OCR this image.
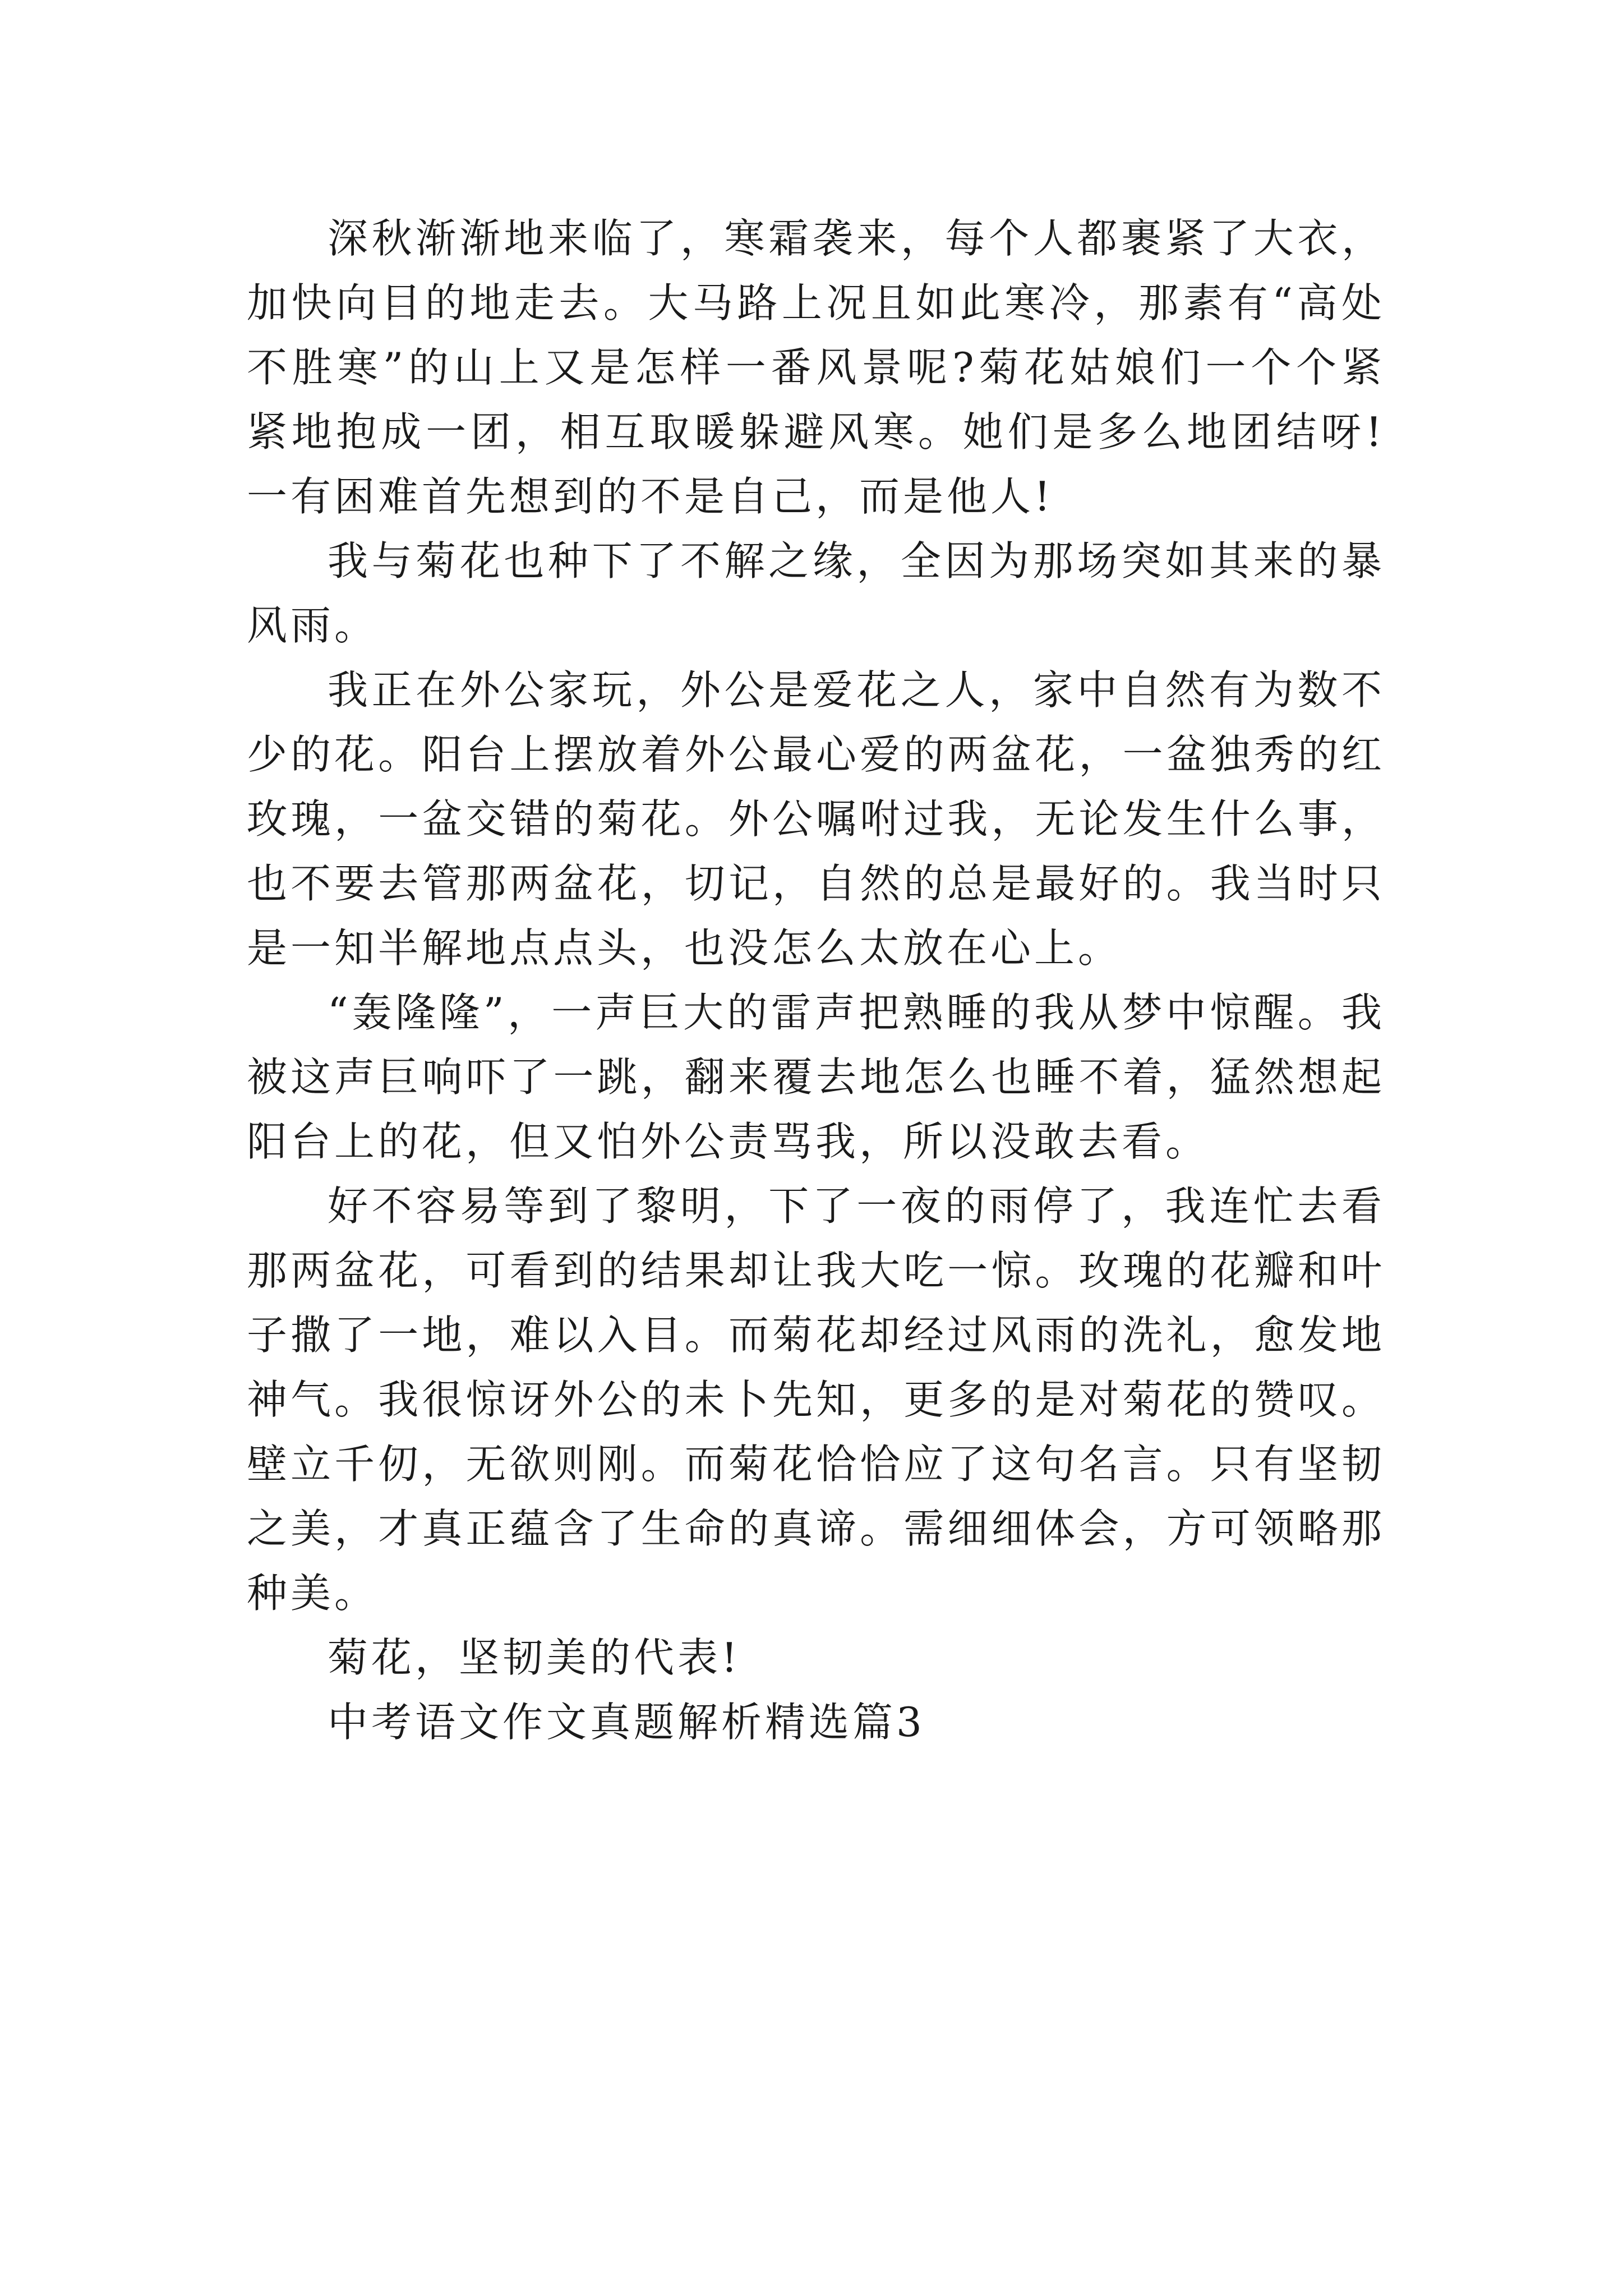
深秋渐渐地来临了，寒霜袭来，每个人都裹紧了大衣，加快向目的地走去。大马路上况且如此寒冷，那素有“高处不胜寒”的山上又是怎样一番风景呢?菊花姑娘们一个个紧紧地抱成一团，相互取暖躲避风寒。她们是多么地团结呀!一有困难首先想到的不是自己，而是他人!

我与菊花也种下了不解之缘，全因为那场突如其来的暴风雨。

我正在外公家玩，外公是爱花之人，家中自然有为数不少的花。阳台上摆放着外公最心爱的两盆花，一盆独秀的红玫瑰，一盆交错的菊花。外公嘱咐过我，无论发生什么事，也不要去管那两盆花，切记，自然的总是最好的。我当时只是一知半解地点点头，也没怎么太放在心上。

“轰隆隆”，一声巨大的雷声把熟睡的我从梦中惊醒。我被这声巨响吓了一跳，翻来覆去地怎么也睡不着，猛然想起阳台上的花，但又怕外公责骂我，所以没敢去看。

好不容易等到了黎明，下了一夜的雨停了，我连忙去看那两盆花，可看到的结果却让我大吃一惊。玫瑰的花瓣和叶子撒了一地，难以入目。而菊花却经过风雨的洗礼，愈发地神气。我很惊讶外公的未卜先知，更多的是对菊花的赞叹。壁立千仞，无欲则刚。而菊花恰恰应了这句名言。只有坚韧之美，才真正蕴含了生命的真谛。需细细体会，方可领略那种美。

菊花，坚韧美的代表!

中考语文作文真题解析精选篇3
